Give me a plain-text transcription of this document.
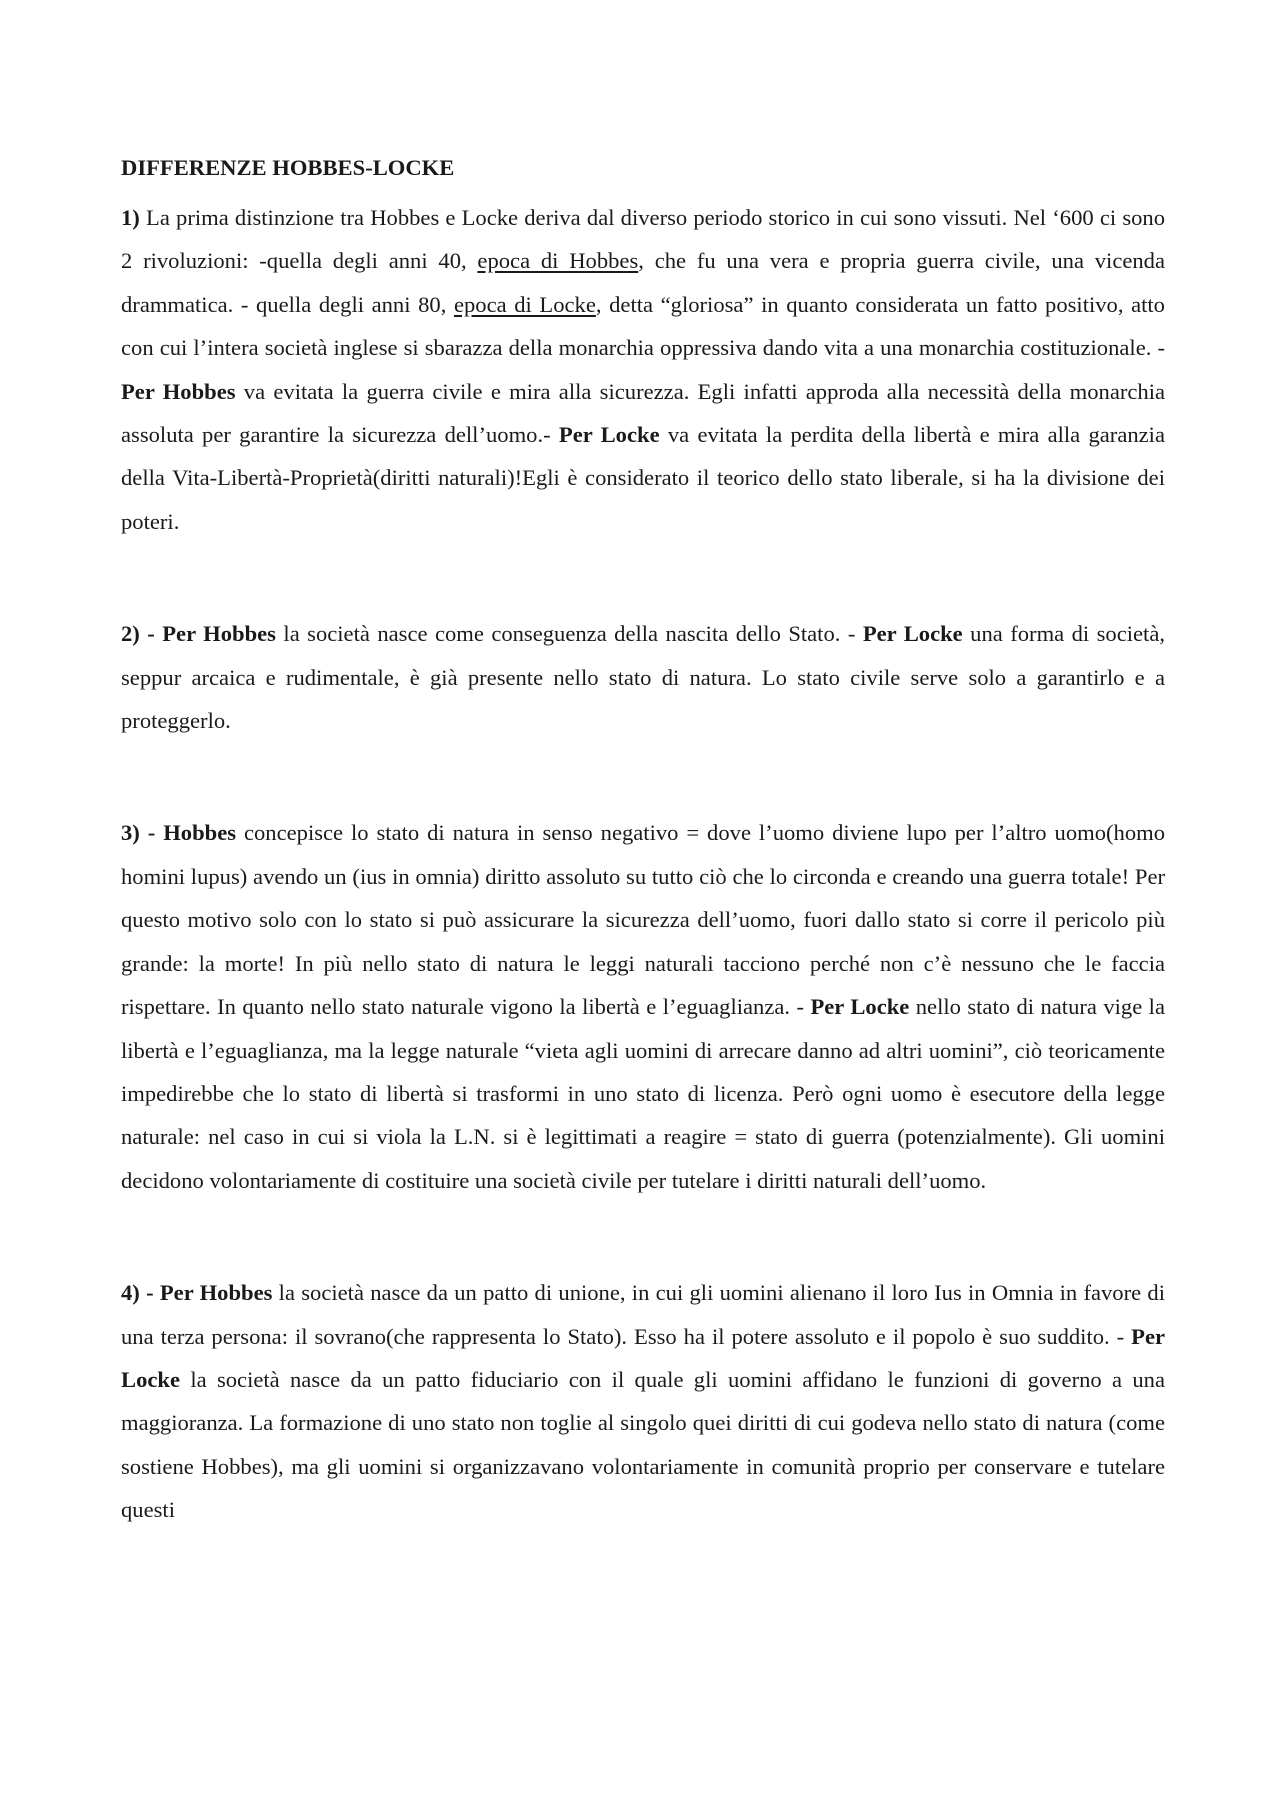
DIFFERENZE HOBBES-LOCKE

1) La prima distinzione tra Hobbes e Locke deriva dal diverso periodo storico in cui sono vissuti. Nel ‘600 ci sono 2 rivoluzioni: -quella degli anni 40, epoca di Hobbes, che fu una vera e propria guerra civile, una vicenda drammatica. - quella degli anni 80, epoca di Locke, detta “gloriosa” in quanto considerata un fatto positivo, atto con cui l’intera società inglese si sbarazza della monarchia oppressiva dando vita a una monarchia costituzionale. - Per Hobbes va evitata la guerra civile e mira alla sicurezza. Egli infatti approda alla necessità della monarchia assoluta per garantire la sicurezza dell’uomo.- Per Locke va evitata la perdita della libertà e mira alla garanzia della Vita-Libertà-Proprietà(diritti naturali)!Egli è considerato il teorico dello stato liberale, si ha la divisione dei poteri.

2) - Per Hobbes la società nasce come conseguenza della nascita dello Stato. - Per Locke una forma di società, seppur arcaica e rudimentale, è già presente nello stato di natura. Lo stato civile serve solo a garantirlo e a proteggerlo.

3) - Hobbes concepisce lo stato di natura in senso negativo = dove l’uomo diviene lupo per l’altro uomo(homo homini lupus) avendo un (ius in omnia) diritto assoluto su tutto ciò che lo circonda e creando una guerra totale! Per questo motivo solo con lo stato si può assicurare la sicurezza dell’uomo, fuori dallo stato si corre il pericolo più grande: la morte! In più nello stato di natura le leggi naturali tacciono perché non c’è nessuno che le faccia rispettare. In quanto nello stato naturale vigono la libertà e l’eguaglianza. - Per Locke nello stato di natura vige la libertà e l’eguaglianza, ma la legge naturale “vieta agli uomini di arrecare danno ad altri uomini”, ciò teoricamente impedirebbe che lo stato di libertà si trasformi in uno stato di licenza. Però ogni uomo è esecutore della legge naturale: nel caso in cui si viola la L.N. si è legittimati a reagire = stato di guerra (potenzialmente). Gli uomini decidono volontariamente di costituire una società civile per tutelare i diritti naturali dell’uomo.

4) - Per Hobbes la società nasce da un patto di unione, in cui gli uomini alienano il loro Ius in Omnia in favore di una terza persona: il sovrano(che rappresenta lo Stato). Esso ha il potere assoluto e il popolo è suo suddito. - Per Locke la società nasce da un patto fiduciario con il quale gli uomini affidano le funzioni di governo a una maggioranza. La formazione di uno stato non toglie al singolo quei diritti di cui godeva nello stato di natura (come sostiene Hobbes), ma gli uomini si organizzavano volontariamente in comunità proprio per conservare e tutelare questi
